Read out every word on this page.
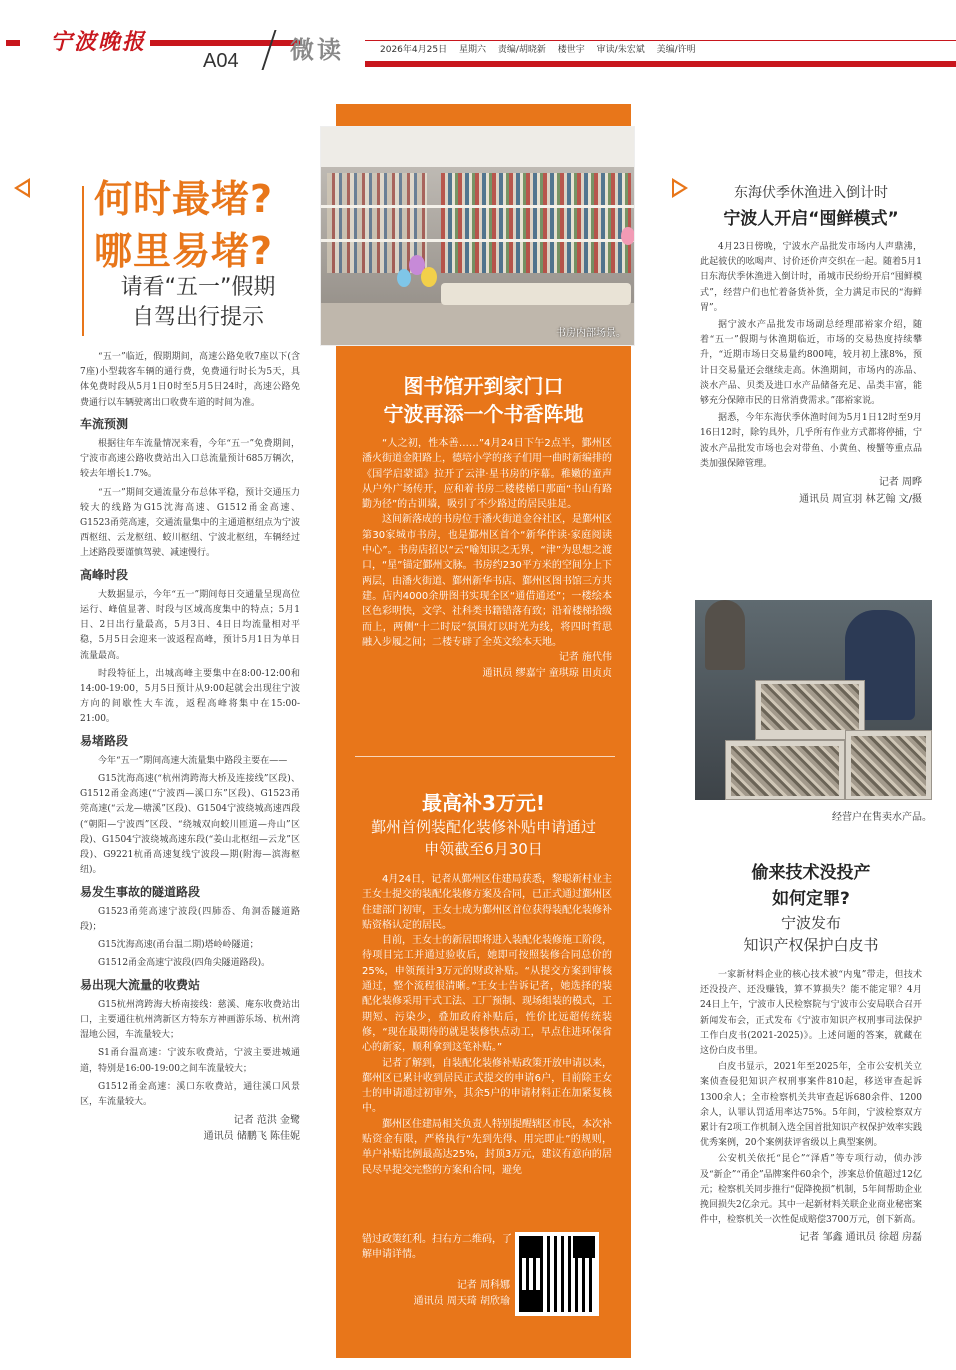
宁波晚报
A04 微读	2026年4月25日 星期六 责编/胡晓新 楼世宇 审读/朱宏斌 美编/许明
何时最堵?
哪里易堵?
请看“五一”假期
自驾出行提示

“五一”临近，假期期间，高速公路免收7座以下(含7座)小型载客车辆的通行费，免费通行时长为5天，具体免费时段从5月1日0时至5月5日24时，高速公路免费通行以车辆驶离出口收费车道的时间为准。

车流预测

根据往年车流量情况来看，今年“五一”免费期间，宁波市高速公路收费站出入口总流量预计685万辆次，较去年增长1.7%。

“五一”期间交通流量分布总体平稳，预计交通压力较大的线路为G15沈海高速、G1512甬金高速、G1523甬莞高速，交通流量集中的主通道枢纽点为宁波西枢纽、云龙枢纽、蛟川枢纽、宁波北枢纽，车辆经过上述路段要谨慎驾驶、减速慢行。

高峰时段

大数据显示，今年“五一”期间每日交通量呈现高位运行、峰值显著、时段与区域高度集中的特点；5月1日、2日出行量最高，5月3日、4日日均流量相对平稳，5月5日会迎来一波返程高峰，预计5月1日为单日流量最高。

时段特征上，出城高峰主要集中在8:00-12:00和14:00-19:00，5月5日预计从9:00起就会出现往宁波方向的间歇性大车流，返程高峰将集中在15:00-21:00。

易堵路段

今年“五一”期间高速大流量集中路段主要在——

G15沈海高速(“杭州湾跨海大桥及连接线”区段)、G1512甬金高速(“宁波西—溪口东”区段)、G1523甬莞高速(“云龙—塘溪”区段)、G1504宁波绕城高速西段(“朝阳—宁波西”区段、“绕城双向蛟川匝道—舟山”区段)、G1504宁波绕城高速东段(“姜山北枢纽—云龙”区段)、G9221杭甬高速复线宁波段—期(附海—滨海枢纽)。

易发生事故的隧道路段

G1523甬莞高速宁波段(四肺岙、角洞岙隧道路段)；

G15沈海高速(甬台温二期)塔岭岭隧道；

G1512甬金高速宁波段(四角尖隧道路段)。

易出现大流量的收费站

G15杭州湾跨海大桥南接线：慈溪、庵东收费站出口，主要通往杭州湾新区方特东方神画游乐场、杭州湾湿地公园，车流量较大；

S1甬台温高速：宁波东收费站，宁波主要进城通道，特别是16:00-19:00之间车流量较大；

G1512甬金高速：溪口东收费站，通往溪口风景区，车流量较大。

记者 范洪 金鹭

通讯员 储鹏飞 陈佳妮

书房内部场景。
图书馆开到家门口
宁波再添一个书香阵地

“人之初，性本善……”4月24日下午2点半，鄞州区潘火街道金阳路上，德培小学的孩子们用一曲时新编排的《国学启蒙谣》拉开了云津·星书房的序幕。稚嫩的童声从户外广场传开，应和着书房二楼楼梯口那面“书山有路勤为径”的古训墙，吸引了不少路过的居民驻足。

这间新落成的书房位于潘火街道金谷社区，是鄞州区第30家城市书房，也是鄞州区首个“新华伴读·家庭阅读中心”。书房店招以“云”喻知识之无界，“津”为思想之渡口，“星”锚定鄞州文脉。书房约230平方米的空间分上下两层，由潘火街道、鄞州新华书店、鄞州区图书馆三方共建。店内4000余册图书实现全区“通借通还”；一楼绘本区色彩明快，文学、社科类书籍错落有致；沿着楼梯拾级而上，两侧“十二时辰”氛围灯以时光为线，将四时哲思融入步履之间；二楼专辟了全英文绘本天地。

记者 施代伟
通讯员 缪嘉宁 童琪琼 田贞贞
最高补3万元!
鄞州首例装配化装修补贴申请通过
申领截至6月30日

4月24日，记者从鄞州区住建局获悉，黎聪新村业主王女士提交的装配化装修方案及合同，已正式通过鄞州区住建部门初审，王女士成为鄞州区首位获得装配化装修补贴资格认定的居民。

目前，王女士的新居即将进入装配化装修施工阶段，待项目完工并通过验收后，她即可按照装修合同总价的25%，申领预计3万元的财政补贴。“从提交方案到审核通过，整个流程很清晰。”王女士告诉记者，她选择的装配化装修采用干式工法、工厂预制、现场组装的模式，工期短、污染少，叠加政府补贴后，性价比远超传统装修，“现在最期待的就是装修快点动工，早点住进环保省心的新家，顺利拿到这笔补贴。”

记者了解到，自装配化装修补贴政策开放申请以来，鄞州区已累计收到居民正式提交的申请6户，目前除王女士的申请通过初审外，其余5户的申请材料正在加紧复核中。

鄞州区住建局相关负责人特别提醒辖区市民，本次补贴资金有限，严格执行“先到先得、用完即止”的规则，单户补贴比例最高达25%，封顶3万元，建议有意向的居民尽早提交完整的方案和合同，避免

错过政策红利。扫右方二维码，了解申请详情。
记者 周科娜
通讯员 周天琦 胡欣瑜
东海伏季休渔进入倒计时
宁波人开启“囤鲜模式”

4月23日傍晚，宁波水产品批发市场内人声鼎沸，此起彼伏的吆喝声、讨价还价声交织在一起。随着5月1日东海伏季休渔进入倒计时，甬城市民纷纷开启“囤鲜模式”，经营户们也忙着备货补货，全力满足市民的“海鲜胃”。

据宁波水产品批发市场副总经理邵裕家介绍，随着“五一”假期与休渔期临近，市场的交易热度持续攀升，“近期市场日交易量约800吨，较月初上涨8%，预计日交易量还会继续走高。休渔期间，市场内的冻品、淡水产品、贝类及进口水产品储备充足、品类丰富，能够充分保障市民的日常消费需求。”邵裕家说。

据悉，今年东海伏季休渔时间为5月1日12时至9月16日12时，除钓具外，几乎所有作业方式都将停捕，宁波水产品批发市场也会对带鱼、小黄鱼、梭蟹等重点品类加强保障管理。

记者 周晔
通讯员 周宣羽 林艺翰 文/摄
经营户在售卖水产品。
偷来技术没投产
如何定罪?
宁波发布
知识产权保护白皮书

一家新材料企业的核心技术被“内鬼”带走，但技术还没投产、还没赚钱，算不算损失？能不能定罪？4月24日上午，宁波市人民检察院与宁波市公安局联合召开新闻发布会，正式发布《宁波市知识产权刑事司法保护工作白皮书(2021-2025)》。上述问题的答案，就藏在这份白皮书里。

白皮书显示，2021年至2025年，全市公安机关立案侦查侵犯知识产权刑事案件810起，移送审查起诉1300余人；全市检察机关共审查起诉680余件、1200余人，认罪认罚适用率达75%。5年间，宁波检察双方累计有2项工作机制入选全国首批知识产权保护效率实践优秀案例，20个案例获评省级以上典型案例。

公安机关依托“昆仑”“泽盾”等专项行动，侦办涉及“新企”“甬企”品牌案件60余个，涉案总价值超过12亿元；检察机关同步推行“促降挽损”机制，5年间帮助企业挽回损失2亿余元。其中一起新材料关联企业商业秘密案件中，检察机关一次性促成赔偿3700万元，创下新高。

记者 邹鑫 通讯员 徐超 房磊
